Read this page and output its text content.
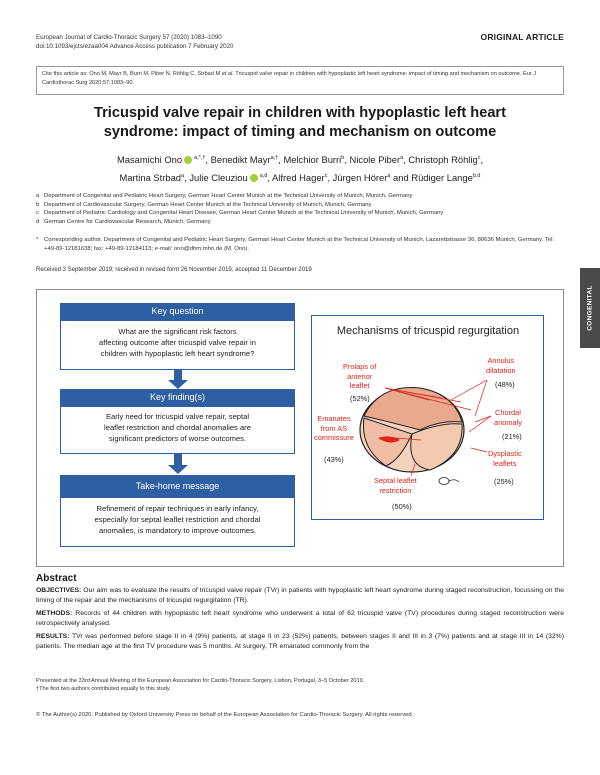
European Journal of Cardio-Thoracic Surgery 57 (2020) 1083–1090
doi:10.1093/ejcts/ezaa004 Advance Access publication 7 February 2020
ORIGINAL ARTICLE
Cite this article as: Ono M, Mayr B, Burri M, Piber N, Röhlig C, Strbad M et al. Tricuspid valve repair in children with hypoplastic left heart syndrome: impact of timing and mechanism on outcome. Eur J Cardiothorac Surg 2020;57:1083–90.
Tricuspid valve repair in children with hypoplastic left heart syndrome: impact of timing and mechanism on outcome
Masamichi Ono $^{a,*,\dagger}$, Benedikt Mayr$^{a,\dagger}$, Melchior Burri$^b$, Nicole Piber$^a$, Christoph Röhlig$^c$,
Martina Strbad$^a$, Julie Cleuziou $^{a,d}$, Alfred Hager$^c$, Jürgen Hörer$^a$ and Rüdiger Lange$^{b,d}$
a Department of Congenital and Pediatric Heart Surgery, German Heart Center Munich at the Technical University of Munich, Munich, Germany
b Department of Cardiovascular Surgery, German Heart Center Munich at the Technical University of Munich, Munich, Germany
c Department of Pediatric Cardiology and Congenital Heart Disease, German Heart Center Munich at the Technical University of Munich, Munich, Germany
d German Centre for Cardiovascular Research, Munich, Germany
* Corresponding author. Department of Congenital and Pediatric Heart Surgery, German Heart Center Munich at the Technical University of Munich, Lazarettstrasse 36, 80636 Munich, Germany. Tel: +49-89-12181638; fax: +49-89-12184113; e-mail: ono@dhm.mhn.de (M. Ono).
Received 3 September 2019; received in revised form 26 November 2019; accepted 11 December 2019
CONGENITAL
Key question
What are the significant risk factors
affecting outcome after tricuspid valve repair in
children with hypoplastic left heart syndrome?
Key finding(s)
Early need for tricuspid valve repair, septal
leaflet restriction and chordal anomalies are
significant predictors of worse outcomes.
Take-home message
Refinement of repair techniques in early infancy,
especially for septal leaflet restriction and chordal
anomalies, is mandatory to improve outcomes.
Mechanisms of tricuspid regurgitation
Prolaps of
anterior
leaflet
(52%)
Annulus
dilatation
(48%)
Chordal
anomaly
(21%)
Dysplastic
leaflets
(25%)
Septal leaflet
restriction
(50%)
Emanates
from AS
commissure
(43%)
Abstract

OBJECTIVES: Our aim was to evaluate the results of tricuspid valve repair (TVr) in patients with hypoplastic left heart syndrome during staged reconstruction, focussing on the timing of the repair and the mechanisms of tricuspid regurgitation (TR).

METHODS: Records of 44 children with hypoplastic left heart syndrome who underwent a total of 62 tricuspid valve (TV) procedures during staged reconstruction were retrospectively analysed.

RESULTS: TVr was performed before stage II in 4 (9%) patients, at stage II in 23 (52%) patients, between stages II and III in 3 (7%) patients and at stage III in 14 (32%) patients. The median age at the first TV procedure was 5 months. At surgery, TR emanated commonly from the

Presented at the 33rd Annual Meeting of the European Association for Cardio-Thoracic Surgery, Lisbon, Portugal, 3–5 October 2019.
†The first two authors contributed equally to this study.
© The Author(s) 2020. Published by Oxford University Press on behalf of the European Association for Cardio-Thoracic Surgery. All rights reserved.
